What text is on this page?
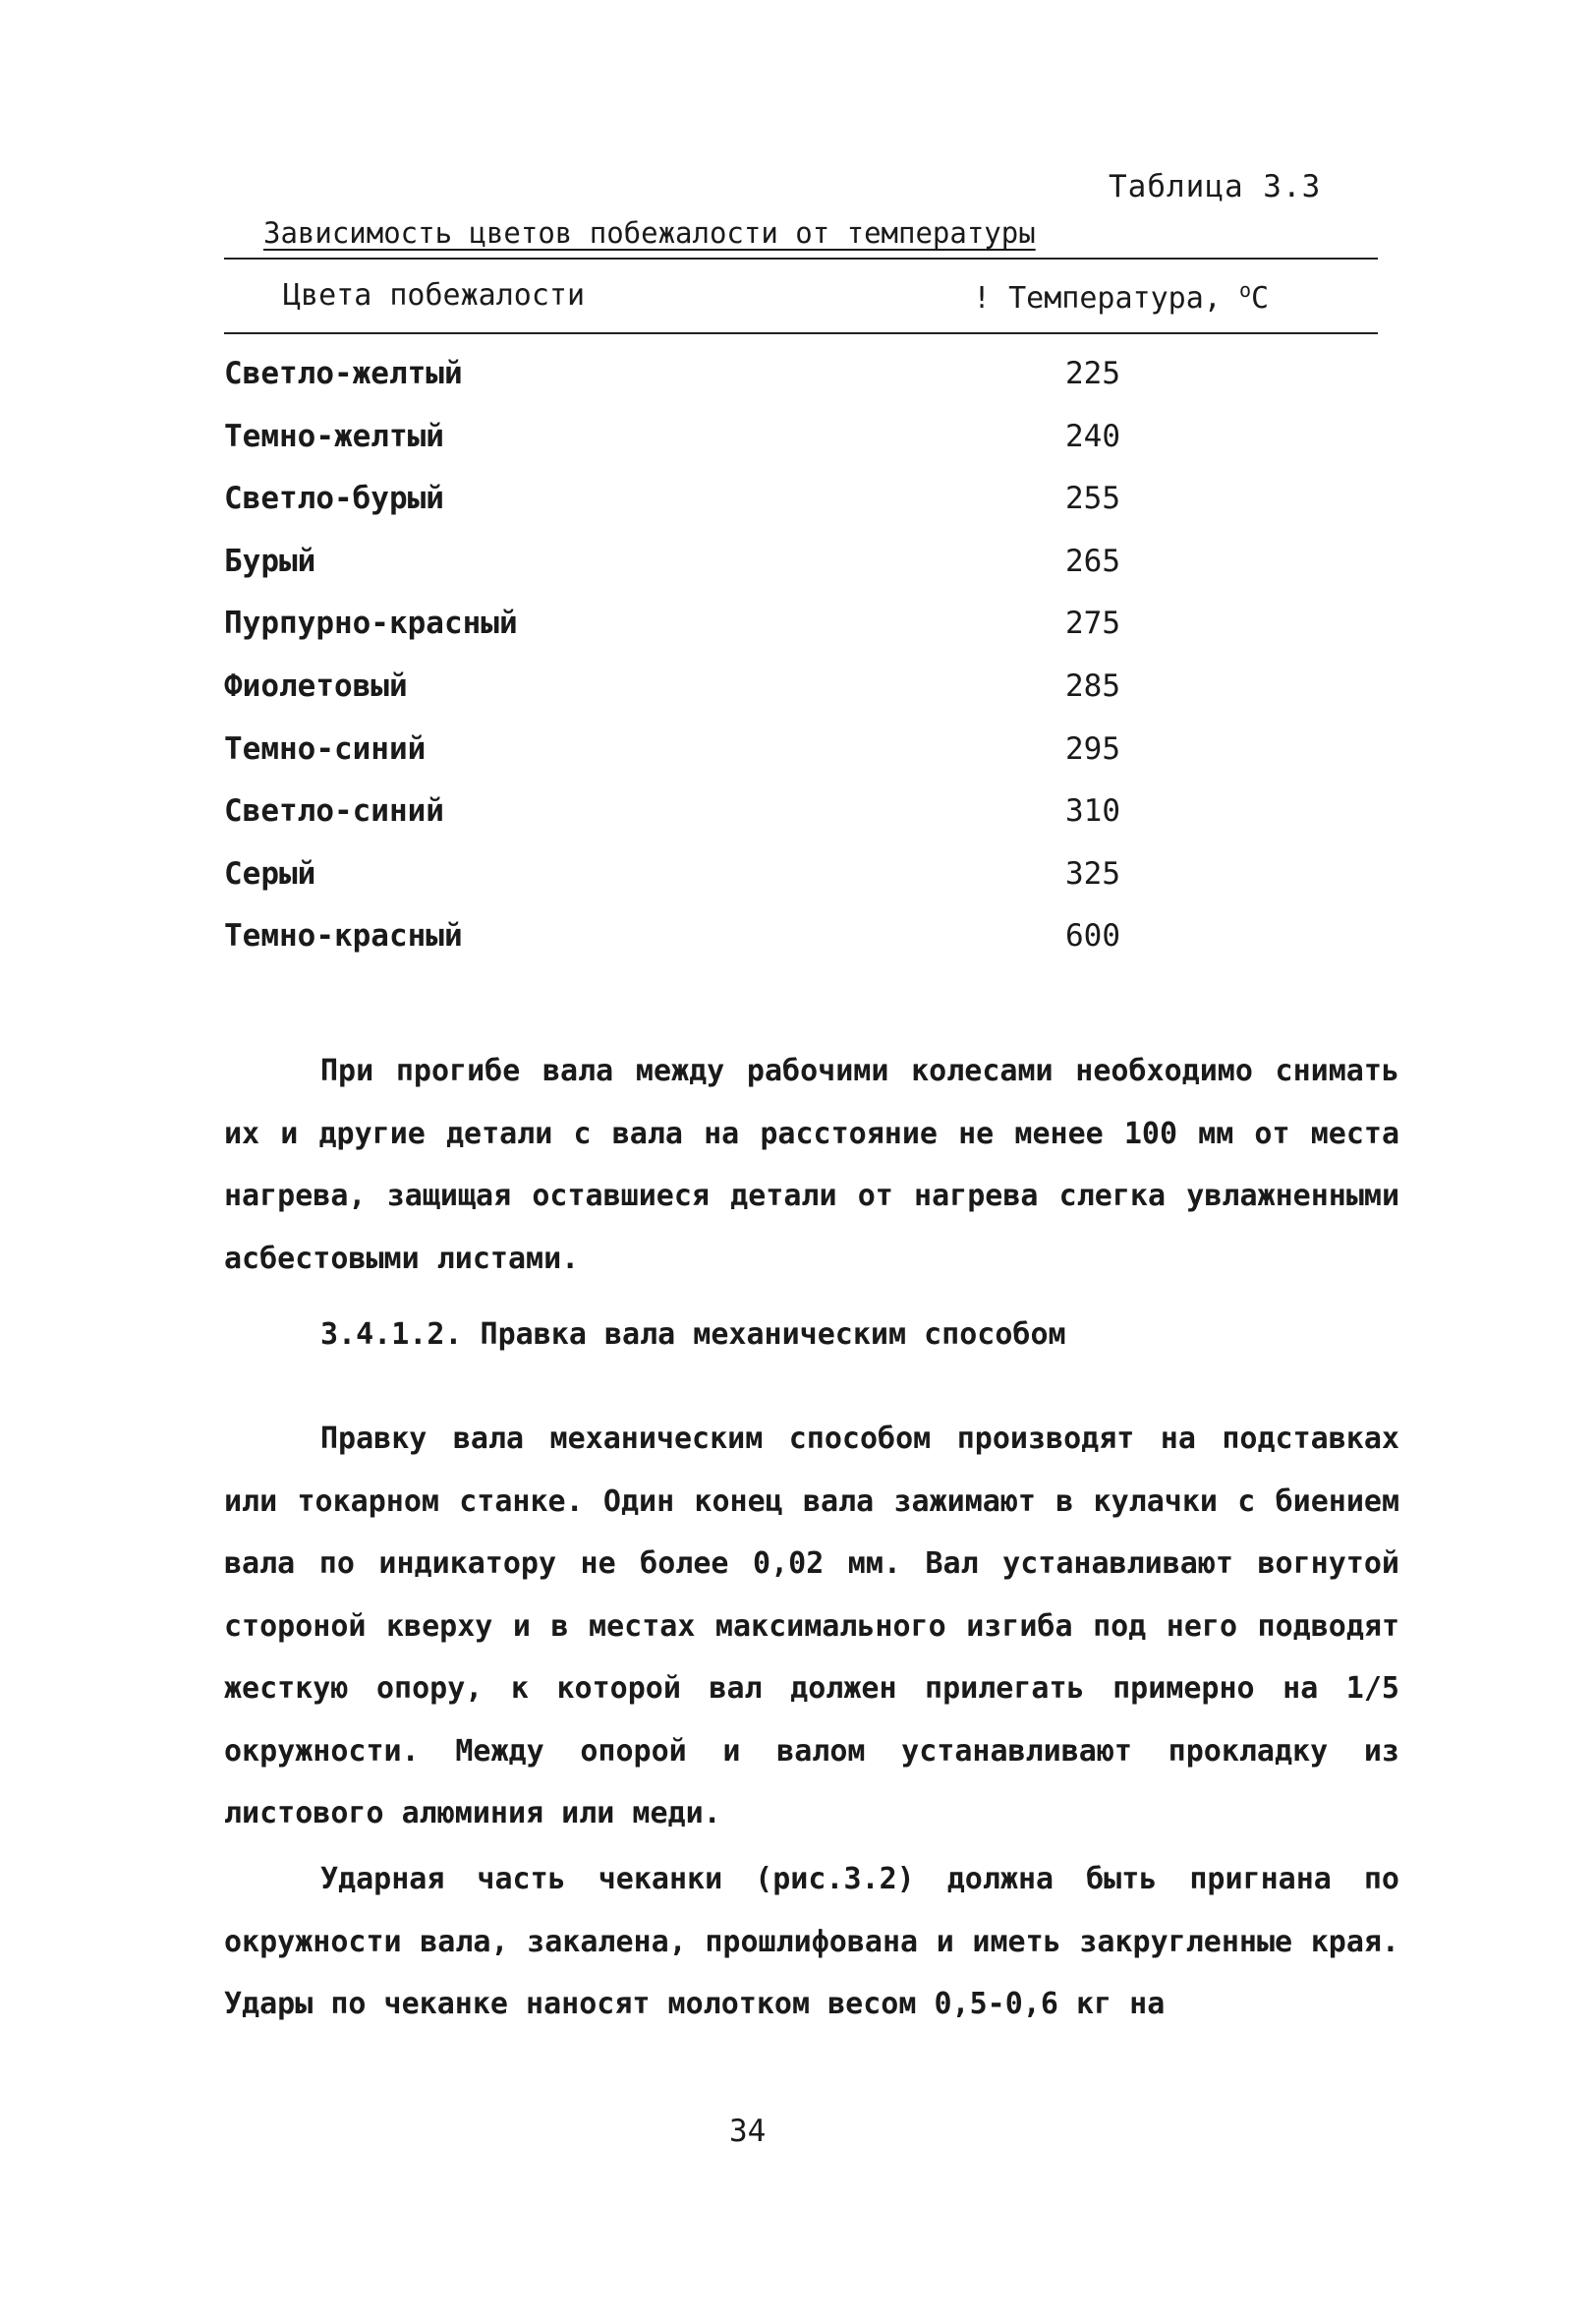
Таблица 3.3
Зависимость цветов побежалости от температуры
Цвета побежалости	! Температура, $^о$С
Светло-желтый	225
Темно-желтый	240
Светло-бурый	255
Бурый	265
Пурпурно-красный	275
Фиолетовый	285
Темно-синий	295
Светло-синий	310
Серый	325
Темно-красный	600

При прогибе вала между рабочими колесами необходимо снимать их и другие детали с вала на расстояние не менее 100 мм от места нагрева, защищая оставшиеся детали от нагрева слегка увлажненными асбестовыми листами.

3.4.1.2. Правка вала механическим способом

Правку вала механическим способом производят на подставках или токарном станке. Один конец вала зажимают в кулачки с биением вала по индикатору не более 0,02 мм. Вал устанавливают вогнутой стороной кверху и в местах максимального изгиба под него подводят жесткую опору, к которой вал должен прилегать примерно на 1/5 окружности. Между опорой и валом устанавливают прокладку из листового алюминия или меди.

Ударная часть чеканки (рис.3.2) должна быть пригнана по окружности вала, закалена, прошлифована и иметь закругленные края. Удары по чеканке наносят молотком весом 0,5-0,6 кг на

34
